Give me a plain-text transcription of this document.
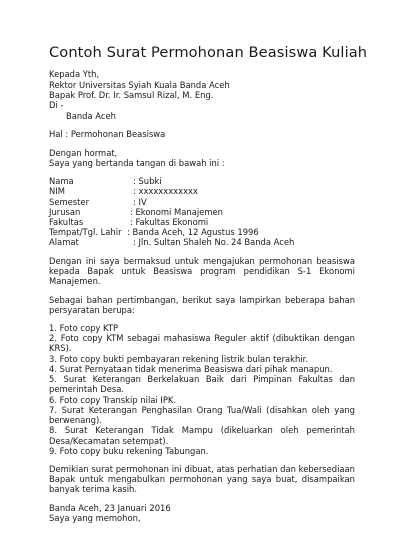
Contoh Surat Permohonan Beasiswa Kuliah
Kepada Yth,
Rektor Universitas Syiah Kuala Banda Aceh
Bapak Prof. Dr. Ir. Samsul Rizal, M. Eng.
Di -
Banda Aceh
Hal : Permohonan Beasiswa
Dengan hormat,
Saya yang bertanda tangan di bawah ini :
Nama	: Subki
NIM	: xxxxxxxxxxxx
Semester	: IV
Jurusan	: Ekonomi Manajemen
Fakultas	: Fakultas Ekonomi
Tempat/Tgl. Lahir : Banda Aceh, 12 Agustus 1996
Alamat	: Jln. Sultan Shaleh No. 24 Banda Aceh
Dengan ini saya bermaksud untuk mengajukan permohonan beasiswa
kepada Bapak untuk Beasiswa program pendidikan S-1 Ekonomi
Manajemen.
Sebagai bahan pertimbangan, berikut saya lampirkan beberapa bahan
persyaratan berupa:
1. Foto copy KTP
2. Foto copy KTM sebagai mahasiswa Reguler aktif (dibuktikan dengan
KRS).
3. Foto copy bukti pembayaran rekening listrik bulan terakhir.
4. Surat Pernyataan tidak menerima Beasiswa dari pihak manapun.
5. Surat Keterangan Berkelakuan Baik dari Pimpinan Fakultas dan
pemerintah Desa.
6. Foto copy Transkip nilai IPK.
7. Surat Keterangan Penghasilan Orang Tua/Wali (disahkan oleh yang
berwenang).
8. Surat Keterangan Tidak Mampu (dikeluarkan oleh pemerintah
Desa/Kecamatan setempat).
9. Foto copy buku rekening Tabungan.
Demikian surat permohonan ini dibuat, atas perhatian dan kebersediaan
Bapak untuk mengabulkan permohonan yang saya buat, disampaikan
banyak terima kasih.
Banda Aceh, 23 Januari 2016
Saya yang memohon,
